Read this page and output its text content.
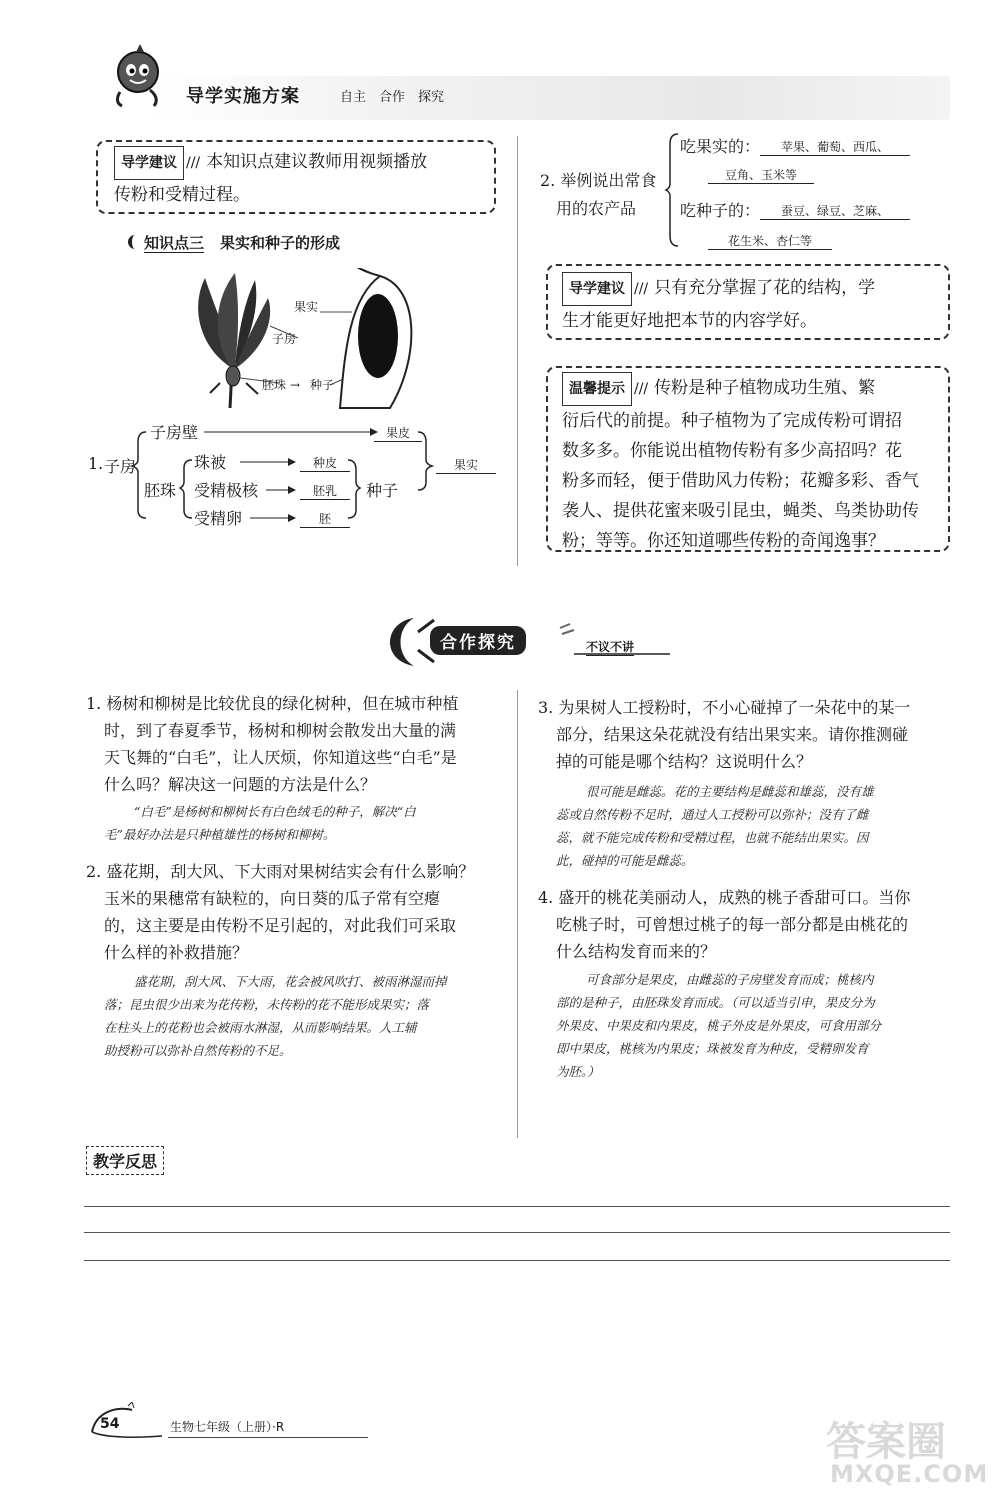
导学实施方案	自主　合作　探究
导学建议 /// 本知识点建议教师用视频播放
传粉和受精过程。
知识点三 果实和种子的形成
果实
子房
胚珠 → 种子
1. 子房
子房壁	果皮
胚珠
珠被	种皮
受精极核	胚乳
受精卵	胚
种子
果实
2. 举例说出常食
用的农产品
吃果实的：	苹果、葡萄、西瓜、
豆角、玉米等
吃种子的：	蚕豆、绿豆、芝麻、
花生米、杏仁等
导学建议 /// 只有充分掌握了花的结构，学
生才能更好地把本节的内容学好。
温馨提示 /// 传粉是种子植物成功生殖、繁
衍后代的前提。种子植物为了完成传粉可谓招
数多多。你能说出植物传粉有多少高招吗？花
粉多而轻，便于借助风力传粉；花瓣多彩、香气
袭人、提供花蜜来吸引昆虫，蝇类、鸟类协助传
粉；等等。你还知道哪些传粉的奇闻逸事？
合作探究	不议不讲
1. 杨树和柳树是比较优良的绿化树种，但在城市种植
时，到了春夏季节，杨树和柳树会散发出大量的满
天飞舞的“白毛”，让人厌烦，你知道这些“白毛”是
什么吗？解决这一问题的方法是什么？
“白毛”是杨树和柳树长有白色绒毛的种子，解决“白
毛”最好办法是只种植雄性的杨树和柳树。
2. 盛花期，刮大风、下大雨对果树结实会有什么影响？
玉米的果穗常有缺粒的，向日葵的瓜子常有空瘪
的，这主要是由传粉不足引起的，对此我们可采取
什么样的补救措施？
盛花期，刮大风、下大雨，花会被风吹打、被雨淋湿而掉
落；昆虫很少出来为花传粉，未传粉的花不能形成果实；落
在柱头上的花粉也会被雨水淋湿，从而影响结果。人工辅
助授粉可以弥补自然传粉的不足。
3. 为果树人工授粉时，不小心碰掉了一朵花中的某一
部分，结果这朵花就没有结出果实来。请你推测碰
掉的可能是哪个结构？这说明什么？
很可能是雌蕊。花的主要结构是雌蕊和雄蕊，没有雄
蕊或自然传粉不足时，通过人工授粉可以弥补；没有了雌
蕊，就不能完成传粉和受精过程，也就不能结出果实。因
此，碰掉的可能是雌蕊。
4. 盛开的桃花美丽动人，成熟的桃子香甜可口。当你
吃桃子时，可曾想过桃子的每一部分都是由桃花的
什么结构发育而来的？
可食部分是果皮，由雌蕊的子房壁发育而成；桃核内
部的是种子，由胚珠发育而成。（可以适当引申，果皮分为
外果皮、中果皮和内果皮，桃子外皮是外果皮，可食用部分
即中果皮，桃核为内果皮；珠被发育为种皮，受精卵发育
为胚。）
教学反思
54	生物七年级（上册）·R	答案圈
MXQE.COM
